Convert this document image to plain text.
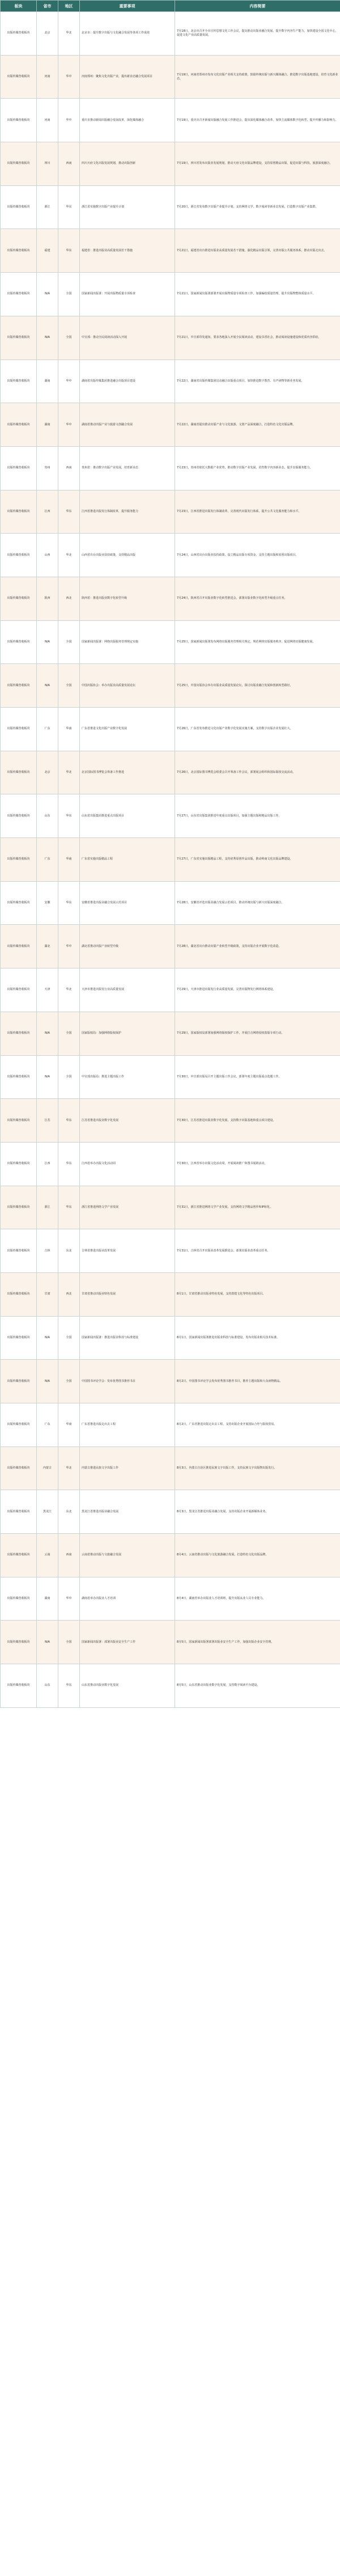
板块	省市	地区	重要事项	内容简要
出版传媒营收板块	北京	华北	北京市：提升数字出版与文化融合发展等各项工作成效	7月18日，北京市召开全市宣传思想文化工作会议，提出推动出版业融合发展、提升数字内容生产能力，加快建设全国文化中心，促进文化产业高质量发展。
出版传媒营收板块	河南	华中	河南郑州：聚焦文化出版产业，提出新业态融合发展项目	7月19日，河南省郑州市发布文化出版产业相关支持政策，鼓励传统出版与新兴媒体融合，推进数字出版基地建设，培育文化新业态。
出版传媒营收板块	河南	华中	重庆市推动新闻出版融合发展改革，深化媒体融合	7月19日，重庆市召开新闻出版融合发展工作推进会，提出深化媒体融合改革，加快主流媒体数字化转型，提升传播力和影响力。
出版传媒营收板块	四川	西南	四川天府文化出版发展规划，推动出版创新	7月19日，四川省发布出版业发展规划，推动天府文化出版品牌建设，支持原创精品出版，促进出版与科技、旅游深度融合。
出版传媒营收板块	浙江	华东	浙江省实施数字出版产业提升计划	7月20日，浙江省发布数字出版产业提升计划，支持网络文学、数字阅读等新业态发展，打造数字出版产业集群。
出版传媒营收板块	福建	华东	福建省：推进出版业高质量发展若干措施	7月21日，福建省出台推进出版业高质量发展若干措施，强化精品出版引领，完善出版公共服务体系，推动出版走出去。
出版传媒营收板块	N/A	全国	国家新闻出版署：开展出版物质量专项检查	7月21日，国家新闻出版署部署开展出版物质量专项检查工作，加强编校质量管理，提升出版物整体质量水平。
出版传媒营收板块	N/A	全国	中宣部：推动全民阅读活动深入开展	7月21日，中宣部印发通知，要求各地深入开展全民阅读活动，建设书香社会，推动阅读设施建设和优质内容供给。
出版传媒营收板块	湖南	华中	湖南省出版传媒集团推进融合出版项目建设	7月22日，湖南省出版传媒集团启动融合出版重点项目，加快推进数字教育、有声读物等新业务发展。
出版传媒营收板块	湖南	华中	湖南省推动出版产业与旅游文创融合发展	7月22日，湖南省提出推动出版产业与文化旅游、文创产品深度融合，打造特色文化出版品牌。
出版传媒营收板块	贵州	西南	贵州省：推动数字出版产业发展，培育新业态	7月23日，贵州省依托大数据产业优势，推动数字出版产业发展，培育数字内容新业态，提升出版服务能力。
出版传媒营收板块	江西	华东	江西省推进出版发行体制改革，提升服务能力	7月23日，江西省推进出版发行体制改革，完善现代出版发行体系，提升公共文化服务能力和水平。
出版传媒营收板块	山西	华北	山西省出台出版业扶持政策，支持精品出版	7月24日，山西省出台出版业扶持政策，设立精品出版专项资金，支持主题出版和原创出版项目。
出版传媒营收板块	陕西	西北	陕西省：推进出版业数字化转型升级	7月24日，陕西省召开出版业数字化转型推进会，部署出版业数字化转型升级重点任务。
出版传媒营收板块	N/A	全国	国家新闻出版署：网络出版服务管理规定实施	7月25日，国家新闻出版署发布网络出版服务管理相关规定，规范网络出版服务秩序，促进网络出版健康发展。
出版传媒营收板块	N/A	全国	中国出版协会：举办出版业高质量发展论坛	7月25日，中国出版协会举办出版业高质量发展论坛，探讨出版业融合发展和创新转型路径。
出版传媒营收板块	广东	华南	广东省推进文化出版产业数字化发展	7月26日，广东省发布推进文化出版产业数字化发展实施方案，支持数字出版企业发展壮大。
出版传媒营收板块	北京	华北	北京国际图书博览会筹备工作推进	7月26日，北京国际图书博览会组委会召开筹备工作会议，部署展会组织和国际版权交流活动。
出版传媒营收板块	山东	华东	山东省出版集团推进重点出版项目	7月27日，山东省出版集团推进年度重点出版项目，加强主题出版和精品出版工作。
出版传媒营收板块	广东	华南	广东省实施出版精品工程	7月27日，广东省实施出版精品工程，支持优秀原创作品出版，推动岭南文化出版品牌建设。
出版传媒营收板块	安徽	华东	安徽省推进出版业融合发展示范项目	7月28日，安徽省评选出版业融合发展示范项目，推动传统出版与新兴出版深度融合。
出版传媒营收板块	湖北	华中	湖北省推动出版产业转型升级	7月28日，湖北省出台推动出版产业转型升级政策，支持出版企业开展数字化改造。
出版传媒营收板块	天津	华北	天津市推进出版发行业高质量发展	7月29日，天津市推进出版发行业高质量发展，完善出版物发行网络体系建设。
出版传媒营收板块	N/A	全国	国家版权局：加强网络版权保护	7月29日，国家版权局部署加强网络版权保护工作，开展打击网络侵权盗版专项行动。
出版传媒营收板块	N/A	全国	中宣部出版局：推进主题出版工作	7月30日，中宣部出版局召开主题出版工作会议，部署年度主题出版重点选题工作。
出版传媒营收板块	江苏	华东	江苏省推进出版业数字化发展	7月30日，江苏省推进出版业数字化发展，支持数字出版基地和重点项目建设。
出版传媒营收板块	江西	华东	江西省举办出版文化活动周	7月30日，江西省举办出版文化活动周，开展阅读推广和图书展销活动。
出版传媒营收板块	浙江	华东	浙江省推进网络文学产业发展	7月31日，浙江省推进网络文学产业发展，支持网络文学精品创作和IP转化。
出版传媒营收板块	吉林	东北	吉林省推进出版业改革发展	7月31日，吉林省召开出版业改革发展推进会，部署出版业改革重点任务。
出版传媒营收板块	甘肃	西北	甘肃省推动出版业特色发展	8月1日，甘肃省推动出版业特色发展，支持敦煌文化等特色出版项目。
出版传媒营收板块	N/A	全国	国家新闻出版署：推进出版业科技与标准建设	8月1日，国家新闻出版署推进出版业科技与标准建设，发布出版业相关技术标准。
出版传媒营收板块	N/A	全国	中国图书评论学会：发布优秀图书推荐书目	8月2日，中国图书评论学会发布优秀图书推荐书目，推荐主题出版和大众读物精品。
出版传媒营收板块	广东	华南	广东省推进出版走出去工程	8月2日，广东省推进出版走出去工程，支持出版企业开展国际合作与版权贸易。
出版传媒营收板块	内蒙古	华北	内蒙古推进民族文字出版工作	8月3日，内蒙古自治区推进民族文字出版工作，支持民族文字出版物出版发行。
出版传媒营收板块	黑龙江	东北	黑龙江省推进出版业融合发展	8月3日，黑龙江省推进出版业融合发展，支持出版企业开展新媒体业务。
出版传媒营收板块	云南	西南	云南省推动出版与文旅融合发展	8月4日，云南省推动出版与文化旅游融合发展，打造特色文化出版品牌。
出版传媒营收板块	湖南	华中	湖南省举办出版业人才培训	8月4日，湖南省举办出版业人才培训班，提升出版从业人员专业能力。
出版传媒营收板块	N/A	全国	国家新闻出版署：部署出版业安全生产工作	8月5日，国家新闻出版署部署出版业安全生产工作，加强出版企业安全管理。
出版传媒营收板块	山东	华东	山东省推动出版业数字化发展	8月5日，山东省推动出版业数字化发展，支持数字阅读平台建设。
